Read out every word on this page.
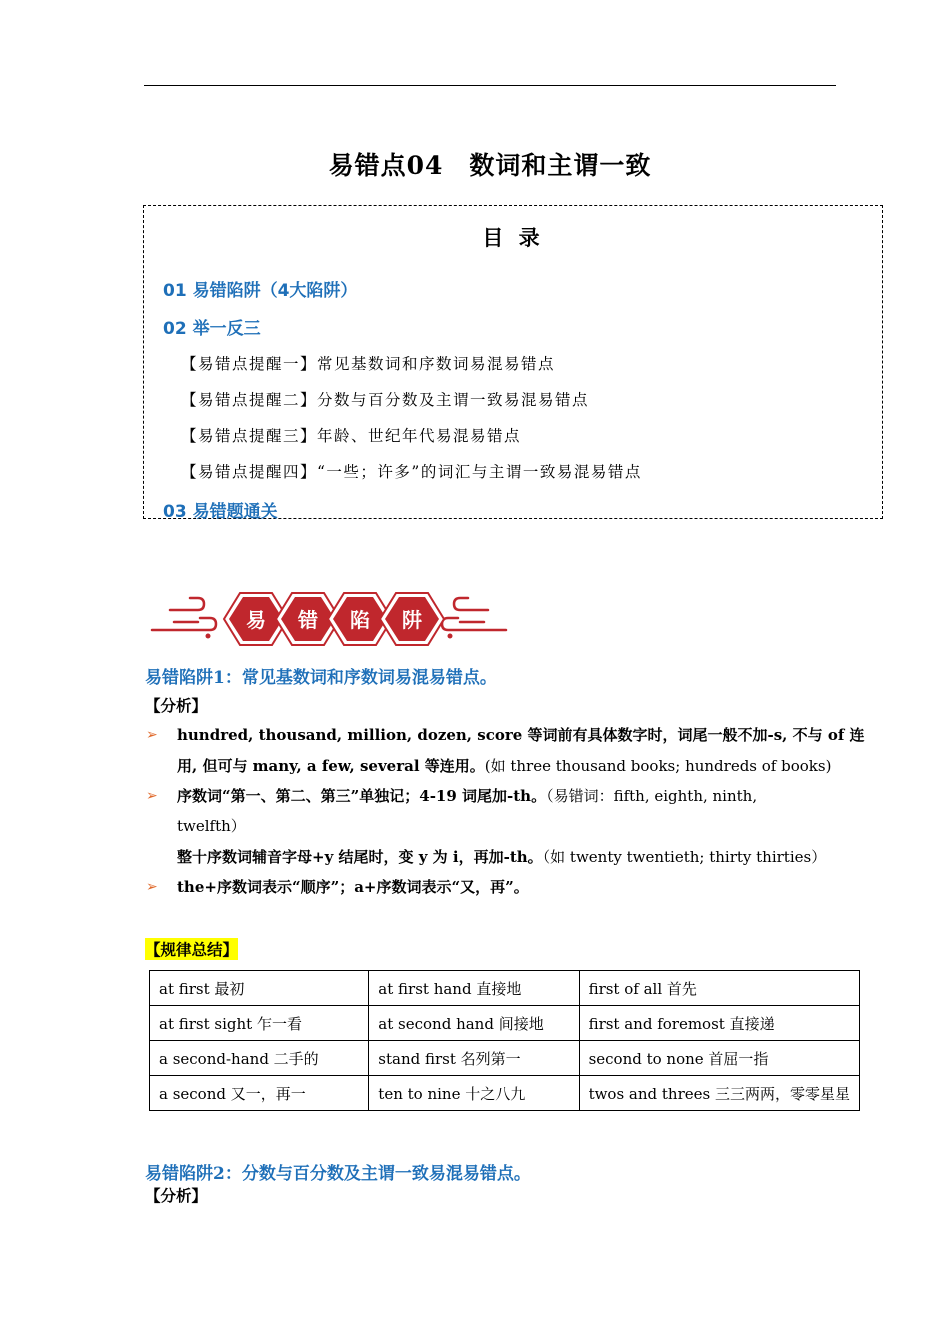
易错点04　数词和主谓一致
目 录
01 易错陷阱（4大陷阱）
02 举一反三
【易错点提醒一】常见基数词和序数词易混易错点
【易错点提醒二】分数与百分数及主谓一致易混易错点
【易错点提醒三】年龄、世纪年代易混易错点
【易错点提醒四】“一些；许多”的词汇与主谓一致易混易错点
03 易错题通关
易 错 陷 阱
易错陷阱1：常见基数词和序数词易混易错点。
【分析】
➢ hundred, thousand, million, dozen, score 等词前有具体数字时，词尾一般不加-s, 不与 of 连
用, 但可与 many, a few, several 等连用。(如 three thousand books; hundreds of books)
➢ 序数词“第一、第二、第三”单独记；4-19 词尾加-th。（易错词：fifth, eighth, ninth,
twelfth）
整十序数词辅音字母+y 结尾时，变 y 为 i，再加-th。（如 twenty twentieth; thirty thirties）
➢ the+序数词表示“顺序”；a+序数词表示“又，再”。
【规律总结】
at first 最初	at first hand 直接地	first of all 首先
at first sight 乍一看	at second hand 间接地	first and foremost 直接递
a second-hand 二手的	stand first 名列第一	second to none 首屈一指
a second 又一，再一	ten to nine 十之八九	twos and threes 三三两两，零零星星
易错陷阱2：分数与百分数及主谓一致易混易错点。
【分析】
